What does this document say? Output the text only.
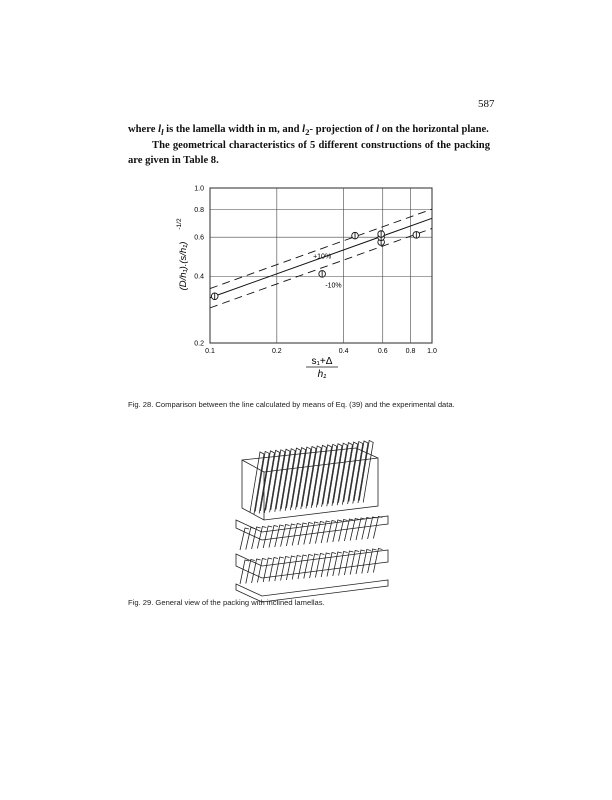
587

where $l_l$ is the lamella width in m, and $l_2-$ projection of l on the horizontal plane.

The geometrical characteristics of 5 different constructions of the packing are given in Table 8.

0.1	0.2	0.4	0.6	0.8 1.0
0.2
0.4
0.6
0.8
1.0
+10%
-10%
s₁+Δ
h₁
(D/h₁).(s/h₁)
-1/2
Fig. 28. Comparison between the line calculated by means of Eq. (39) and the experimental data.
Fig. 29. General view of the packing with inclined lamellas.
